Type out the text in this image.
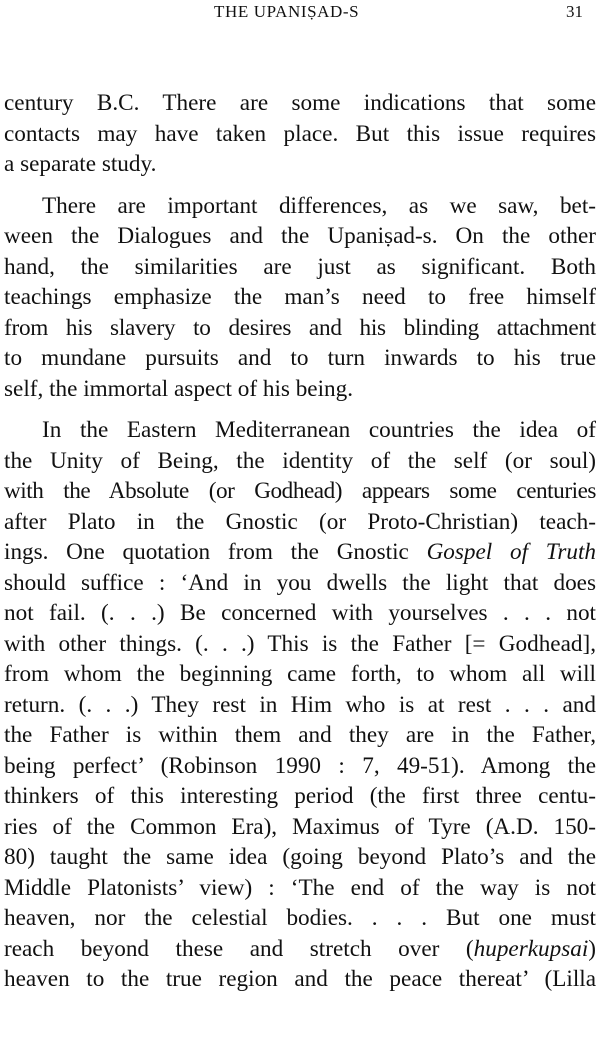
THE UPANIṢAD-S	31

century B.C. There are some indications that some
contacts may have taken place. But this issue requires
a separate study.

There are important differences, as we saw, bet-
ween the Dialogues and the Upaniṣad-s. On the other
hand, the similarities are just as significant. Both
teachings emphasize the man’s need to free himself
from his slavery to desires and his blinding attachment
to mundane pursuits and to turn inwards to his true
self, the immortal aspect of his being.

In the Eastern Mediterranean countries the idea of
the Unity of Being, the identity of the self (or soul)
with the Absolute (or Godhead) appears some centuries
after Plato in the Gnostic (or Proto-Christian) teach-
ings. One quotation from the Gnostic Gospel of Truth
should suffice : ‘And in you dwells the light that does
not fail. (. . .) Be concerned with yourselves . . . not
with other things. (. . .) This is the Father [= Godhead],
from whom the beginning came forth, to whom all will
return. (. . .) They rest in Him who is at rest . . . and
the Father is within them and they are in the Father,
being perfect’ (Robinson 1990 : 7, 49-51). Among the
thinkers of this interesting period (the first three centu-
ries of the Common Era), Maximus of Tyre (A.D. 150-
80) taught the same idea (going beyond Plato’s and the
Middle Platonists’ view) : ‘The end of the way is not
heaven, nor the celestial bodies. . . . But one must
reach beyond these and stretch over (huperkupsai)
heaven to the true region and the peace thereat’ (Lilla
